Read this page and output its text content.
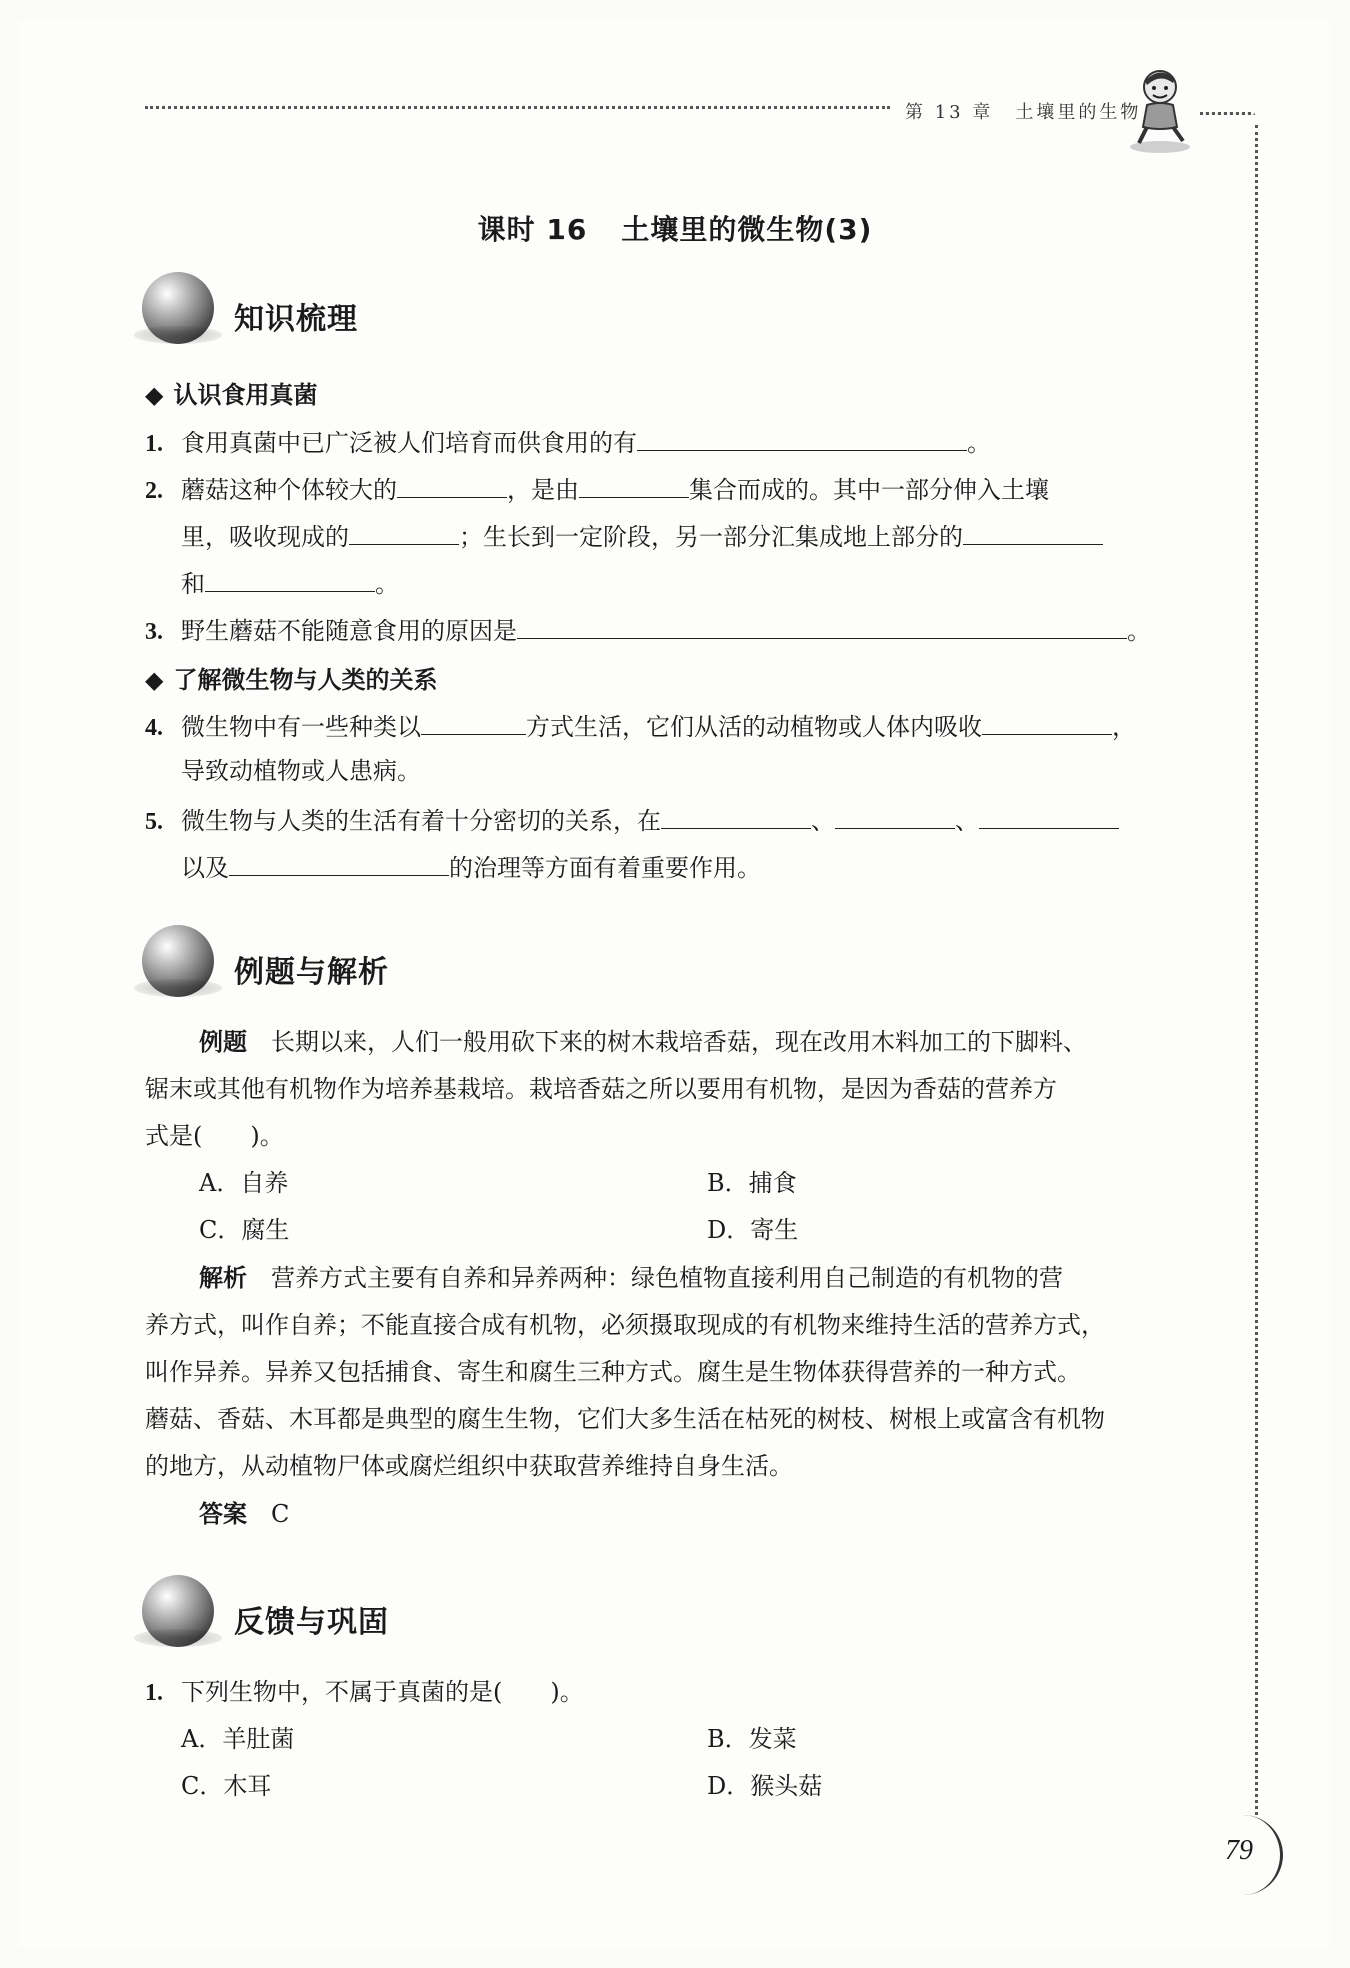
第 13 章 土壤里的生物
79
课时 16 土壤里的微生物(3)
知识梳理
◆ 认识食用真菌
1. 食用真菌中已广泛被人们培育而供食用的有	。
2. 蘑菇这种个体较大的	，是由	集合而成的。其中一部分伸入土壤
里，吸收现成的	；生长到一定阶段，另一部分汇集成地上部分的
和	。
3. 野生蘑菇不能随意食用的原因是	。
◆ 了解微生物与人类的关系
4. 微生物中有一些种类以	方式生活，它们从活的动植物或人体内吸收	，
导致动植物或人患病。
5. 微生物与人类的生活有着十分密切的关系，在	、	、
以及	的治理等方面有着重要作用。
例题与解析
例题 长期以来，人们一般用砍下来的树木栽培香菇，现在改用木料加工的下脚料、
锯末或其他有机物作为培养基栽培。栽培香菇之所以要用有机物，是因为香菇的营养方
式是(　　)。
A．自养	B．捕食
C．腐生	D．寄生
解析 营养方式主要有自养和异养两种：绿色植物直接利用自己制造的有机物的营
养方式，叫作自养；不能直接合成有机物，必须摄取现成的有机物来维持生活的营养方式，
叫作异养。异养又包括捕食、寄生和腐生三种方式。腐生是生物体获得营养的一种方式。
蘑菇、香菇、木耳都是典型的腐生生物，它们大多生活在枯死的树枝、树根上或富含有机物
的地方，从动植物尸体或腐烂组织中获取营养维持自身生活。
答案 C
反馈与巩固
1. 下列生物中，不属于真菌的是(　　)。
A．羊肚菌	B．发菜
C．木耳	D．猴头菇
